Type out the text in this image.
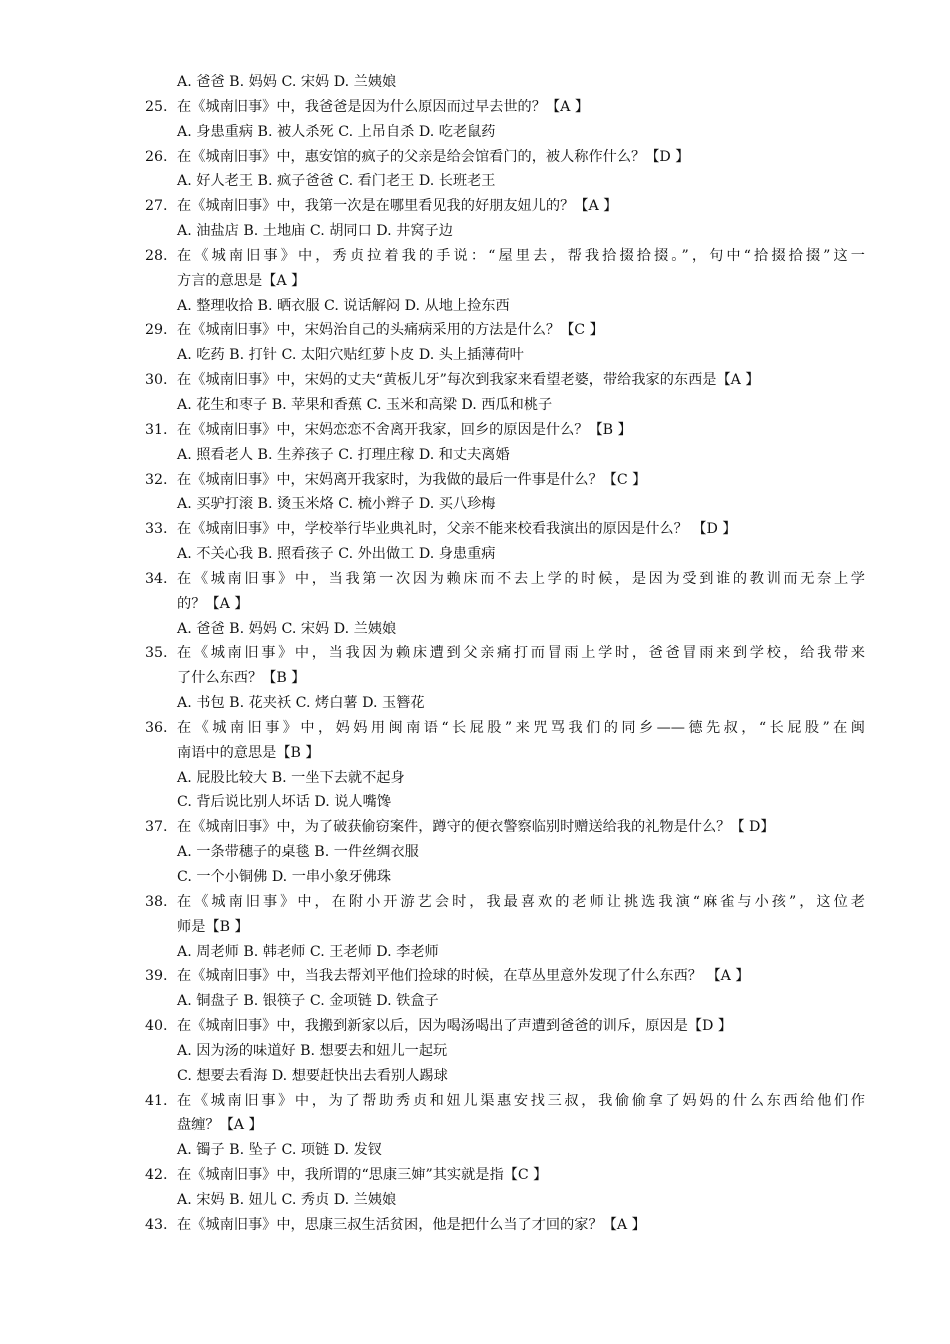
A. 爸爸 B. 妈妈 C. 宋妈 D. 兰姨娘
25. 在《城南旧事》中，我爸爸是因为什么原因而过早去世的？【A 】
A. 身患重病 B. 被人杀死 C. 上吊自杀 D. 吃老鼠药
26. 在《城南旧事》中，惠安馆的疯子的父亲是给会馆看门的，被人称作什么？【D 】
A. 好人老王 B. 疯子爸爸 C. 看门老王 D. 长班老王
27. 在《城南旧事》中，我第一次是在哪里看见我的好朋友妞儿的？【A 】
A. 油盐店 B. 土地庙 C. 胡同口 D. 井窝子边
28. 在《城南旧事》中，秀贞拉着我的手说：“屋里去，帮我拾掇拾掇。”，句中“拾掇拾掇”这一
方言的意思是【A 】
A. 整理收拾 B. 晒衣服 C. 说话解闷 D. 从地上捡东西
29. 在《城南旧事》中，宋妈治自己的头痛病采用的方法是什么？【C 】
A. 吃药 B. 打针 C. 太阳穴贴红萝卜皮 D. 头上插薄荷叶
30. 在《城南旧事》中，宋妈的丈夫“黄板儿牙”每次到我家来看望老婆，带给我家的东西是【A 】
A. 花生和枣子 B. 苹果和香蕉 C. 玉米和高梁 D. 西瓜和桃子
31. 在《城南旧事》中，宋妈恋恋不舍离开我家，回乡的原因是什么？【B 】
A. 照看老人 B. 生养孩子 C. 打理庄稼 D. 和丈夫离婚
32. 在《城南旧事》中，宋妈离开我家时，为我做的最后一件事是什么？【C 】
A. 买驴打滚 B. 烫玉米烙 C. 梳小辫子 D. 买八珍梅
33. 在《城南旧事》中，学校举行毕业典礼时，父亲不能来校看我演出的原因是什么？ 【D 】
A. 不关心我 B. 照看孩子 C. 外出做工 D. 身患重病
34. 在《城南旧事》中，当我第一次因为赖床而不去上学的时候，是因为受到谁的教训而无奈上学
的？【A 】
A. 爸爸 B. 妈妈 C. 宋妈 D. 兰姨娘
35. 在《城南旧事》中，当我因为赖床遭到父亲痛打而冒雨上学时，爸爸冒雨来到学校，给我带来
了什么东西？【B 】
A. 书包 B. 花夹袄 C. 烤白薯 D. 玉簪花
36. 在《城南旧事》中，妈妈用闽南语“长屁股”来咒骂我们的同乡——德先叔，“长屁股”在闽
南语中的意思是【B 】
A. 屁股比较大 B. 一坐下去就不起身
C. 背后说比别人坏话 D. 说人嘴馋
37. 在《城南旧事》中，为了破获偷窃案件，蹲守的便衣警察临别时赠送给我的礼物是什么？【 D】
A. 一条带穗子的桌毯 B. 一件丝绸衣服
C. 一个小铜佛 D. 一串小象牙佛珠
38. 在《城南旧事》中，在附小开游艺会时，我最喜欢的老师让挑选我演“麻雀与小孩”，这位老
师是【B 】
A. 周老师 B. 韩老师 C. 王老师 D. 李老师
39. 在《城南旧事》中，当我去帮刘平他们捡球的时候，在草丛里意外发现了什么东西？ 【A 】
A. 铜盘子 B. 银筷子 C. 金项链 D. 铁盒子
40. 在《城南旧事》中，我搬到新家以后，因为喝汤喝出了声遭到爸爸的训斥，原因是【D 】
A. 因为汤的味道好 B. 想要去和妞儿一起玩
C. 想要去看海 D. 想要赶快出去看别人踢球
41. 在《城南旧事》中，为了帮助秀贞和妞儿渠惠安找三叔，我偷偷拿了妈妈的什么东西给他们作
盘缠？【A 】
A. 镯子 B. 坠子 C. 项链 D. 发钗
42. 在《城南旧事》中，我所谓的“思康三婶”其实就是指【C 】
A. 宋妈 B. 妞儿 C. 秀贞 D. 兰姨娘
43. 在《城南旧事》中，思康三叔生活贫困，他是把什么当了才回的家？【A 】
